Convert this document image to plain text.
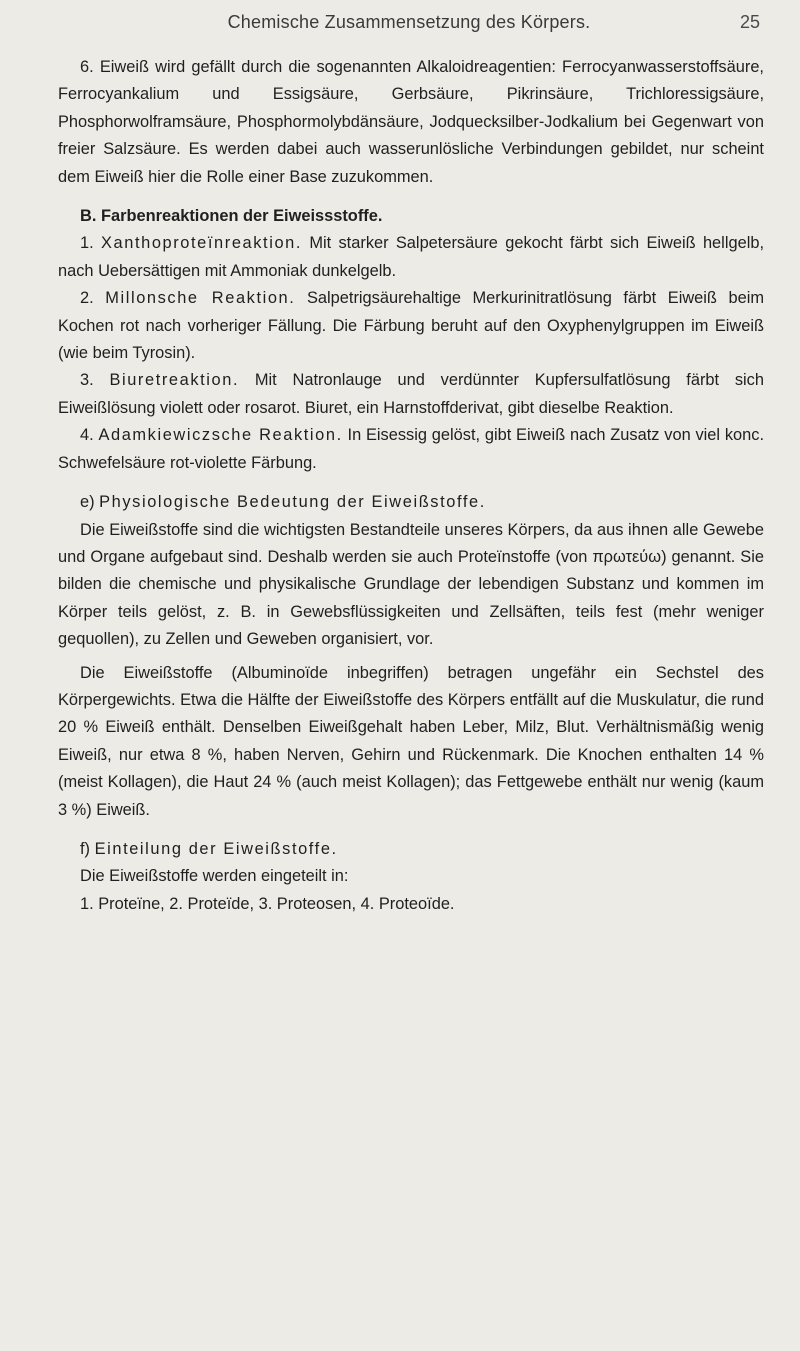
Chemische Zusammensetzung des Körpers.	25

6. Eiweiß wird gefällt durch die sogenannten Alkaloidreagentien: Ferrocyanwasserstoffsäure, Ferrocyankalium und Essigsäure, Gerbsäure, Pikrinsäure, Trichloressigsäure, Phosphorwolframsäure, Phosphormolybdänsäure, Jodquecksilber-Jodkalium bei Gegenwart von freier Salzsäure. Es werden dabei auch wasserunlösliche Verbindungen gebildet, nur scheint dem Eiweiß hier die Rolle einer Base zuzukommen.

B. Farbenreaktionen der Eiweissstoffe.

1. Xanthoproteïnreaktion. Mit starker Salpetersäure gekocht färbt sich Eiweiß hellgelb, nach Uebersättigen mit Ammoniak dunkelgelb.

2. Millonsche Reaktion. Salpetrigsäurehaltige Merkurinitratlösung färbt Eiweiß beim Kochen rot nach vorheriger Fällung. Die Färbung beruht auf den Oxyphenylgruppen im Eiweiß (wie beim Tyrosin).

3. Biuretreaktion. Mit Natronlauge und verdünnter Kupfersulfatlösung färbt sich Eiweißlösung violett oder rosarot. Biuret, ein Harnstoffderivat, gibt dieselbe Reaktion.

4. Adamkiewiczsche Reaktion. In Eisessig gelöst, gibt Eiweiß nach Zusatz von viel konc. Schwefelsäure rot-violette Färbung.

e) Physiologische Bedeutung der Eiweißstoffe.

Die Eiweißstoffe sind die wichtigsten Bestandteile unseres Körpers, da aus ihnen alle Gewebe und Organe aufgebaut sind. Deshalb werden sie auch Proteïnstoffe (von πρωτεύω) genannt. Sie bilden die chemische und physikalische Grundlage der lebendigen Substanz und kommen im Körper teils gelöst, z. B. in Gewebsflüssigkeiten und Zellsäften, teils fest (mehr weniger gequollen), zu Zellen und Geweben organisiert, vor.

Die Eiweißstoffe (Albuminoïde inbegriffen) betragen ungefähr ein Sechstel des Körpergewichts. Etwa die Hälfte der Eiweißstoffe des Körpers entfällt auf die Muskulatur, die rund 20 % Eiweiß enthält. Denselben Eiweißgehalt haben Leber, Milz, Blut. Verhältnismäßig wenig Eiweiß, nur etwa 8 %, haben Nerven, Gehirn und Rückenmark. Die Knochen enthalten 14 % (meist Kollagen), die Haut 24 % (auch meist Kollagen); das Fettgewebe enthält nur wenig (kaum 3 %) Eiweiß.

f) Einteilung der Eiweißstoffe.

Die Eiweißstoffe werden eingeteilt in:

1. Proteïne, 2. Proteïde, 3. Proteosen, 4. Proteoïde.
